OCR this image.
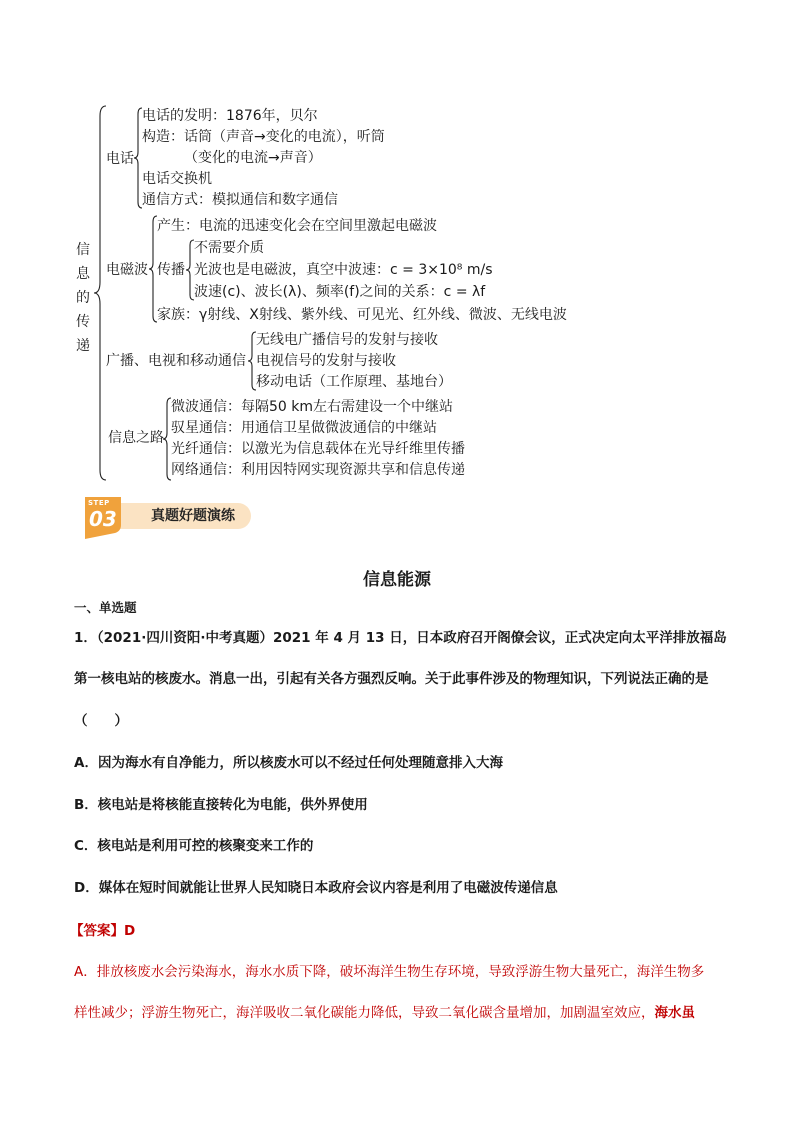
信
息
的
传
递
电话
电话的发明：1876年，贝尔
构造：话筒（声音→变化的电流），听筒
（变化的电流→声音）
电话交换机
通信方式：模拟通信和数字通信
电磁波
产生：电流的迅速变化会在空间里激起电磁波
传播
不需要介质
光波也是电磁波，真空中波速：c = 3×10⁸ m/s
波速(c)、波长(λ)、频率(f)之间的关系：c = λf
家族：γ射线、X射线、紫外线、可见光、红外线、微波、无线电波
广播、电视和移动通信
无线电广播信号的发射与接收
电视信号的发射与接收
移动电话（工作原理、基地台）
信息之路
微波通信：每隔50 km左右需建设一个中继站
驭星通信：用通信卫星做微波通信的中继站
光纤通信：以激光为信息载体在光导纤维里传播
网络通信：利用因特网实现资源共享和信息传递
真题好题演练
STEP
03
信息能源
一、单选题
1．（2021·四川资阳·中考真题）2021 年 4 月 13 日，日本政府召开阁僚会议，正式决定向太平洋排放福岛
第一核电站的核废水。消息一出，引起有关各方强烈反响。关于此事件涉及的物理知识，下列说法正确的是
（　　）
A．因为海水有自净能力，所以核废水可以不经过任何处理随意排入大海
B．核电站是将核能直接转化为电能，供外界使用
C．核电站是利用可控的核聚变来工作的
D．媒体在短时间就能让世界人民知晓日本政府会议内容是利用了电磁波传递信息
【答案】D
A．排放核废水会污染海水，海水水质下降，破坏海洋生物生存环境，导致浮游生物大量死亡，海洋生物多
样性减少；浮游生物死亡，海洋吸收二氧化碳能力降低，导致二氧化碳含量增加，加剧温室效应，海水虽
